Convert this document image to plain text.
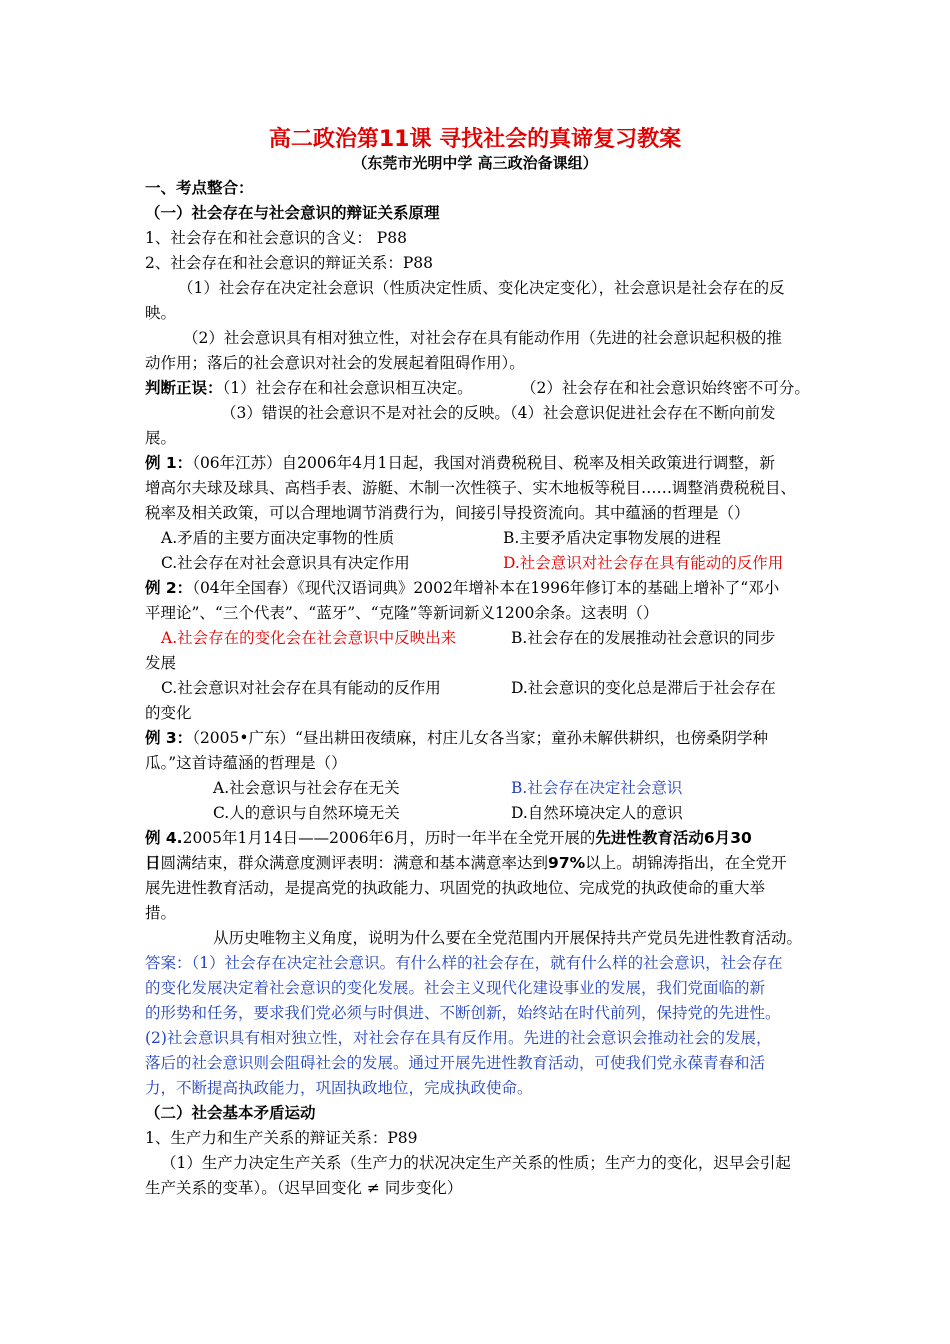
高二政治第11课 寻找社会的真谛复习教案
（东莞市光明中学 高三政治备课组）
一、考点整合：
（一）社会存在与社会意识的辩证关系原理
1、社会存在和社会意识的含义： P88
2、社会存在和社会意识的辩证关系：P88
（1）社会存在决定社会意识（性质决定性质、变化决定变化），社会意识是社会存在的反
映。
（2）社会意识具有相对独立性，对社会存在具有能动作用（先进的社会意识起积极的推
动作用；落后的社会意识对社会的发展起着阻碍作用）。
判断正误：（1）社会存在和社会意识相互决定。	（2）社会存在和社会意识始终密不可分。
（3）错误的社会意识不是对社会的反映。（4）社会意识促进社会存在不断向前发
展。
例 1：（06年江苏）自2006年4月1日起，我国对消费税税目、税率及相关政策进行调整，新
增高尔夫球及球具、高档手表、游艇、木制一次性筷子、实木地板等税目……调整消费税税目、
税率及相关政策，可以合理地调节消费行为，间接引导投资流向。其中蕴涵的哲理是（）
A.矛盾的主要方面决定事物的性质	B.主要矛盾决定事物发展的进程
C.社会存在对社会意识具有决定作用	D.社会意识对社会存在具有能动的反作用
例 2：（04年全国春）《现代汉语词典》2002年增补本在1996年修订本的基础上增补了“邓小
平理论”、“三个代表”、“蓝牙”、“克隆”等新词新义1200余条。这表明（）
A.社会存在的变化会在社会意识中反映出来	B.社会存在的发展推动社会意识的同步
发展
C.社会意识对社会存在具有能动的反作用	D.社会意识的变化总是滞后于社会存在
的变化
例 3：（2005•广东）“昼出耕田夜绩麻，村庄儿女各当家；童孙未解供耕织，也傍桑阴学种
瓜。”这首诗蕴涵的哲理是（）
A.社会意识与社会存在无关	B.社会存在决定社会意识
C.人的意识与自然环境无关	D.自然环境决定人的意识
例 4.2005年1月14日——2006年6月，历时一年半在全党开展的先进性教育活动6月30
日圆满结束，群众满意度测评表明：满意和基本满意率达到97%以上。胡锦涛指出，在全党开
展先进性教育活动，是提高党的执政能力、巩固党的执政地位、完成党的执政使命的重大举
措。
从历史唯物主义角度，说明为什么要在全党范围内开展保持共产党员先进性教育活动。
答案：（1）社会存在决定社会意识。有什么样的社会存在，就有什么样的社会意识，社会存在
的变化发展决定着社会意识的变化发展。社会主义现代化建设事业的发展，我们党面临的新
的形势和任务，要求我们党必须与时俱进、不断创新，始终站在时代前列，保持党的先进性。
(2)社会意识具有相对独立性，对社会存在具有反作用。先进的社会意识会推动社会的发展，
落后的社会意识则会阻碍社会的发展。通过开展先进性教育活动，可使我们党永葆青春和活
力，不断提高执政能力，巩固执政地位，完成执政使命。
（二）社会基本矛盾运动
1、生产力和生产关系的辩证关系：P89
（1）生产力决定生产关系（生产力的状况决定生产关系的性质；生产力的变化，迟早会引起
生产关系的变革）。（迟早回变化 ≠ 同步变化）
